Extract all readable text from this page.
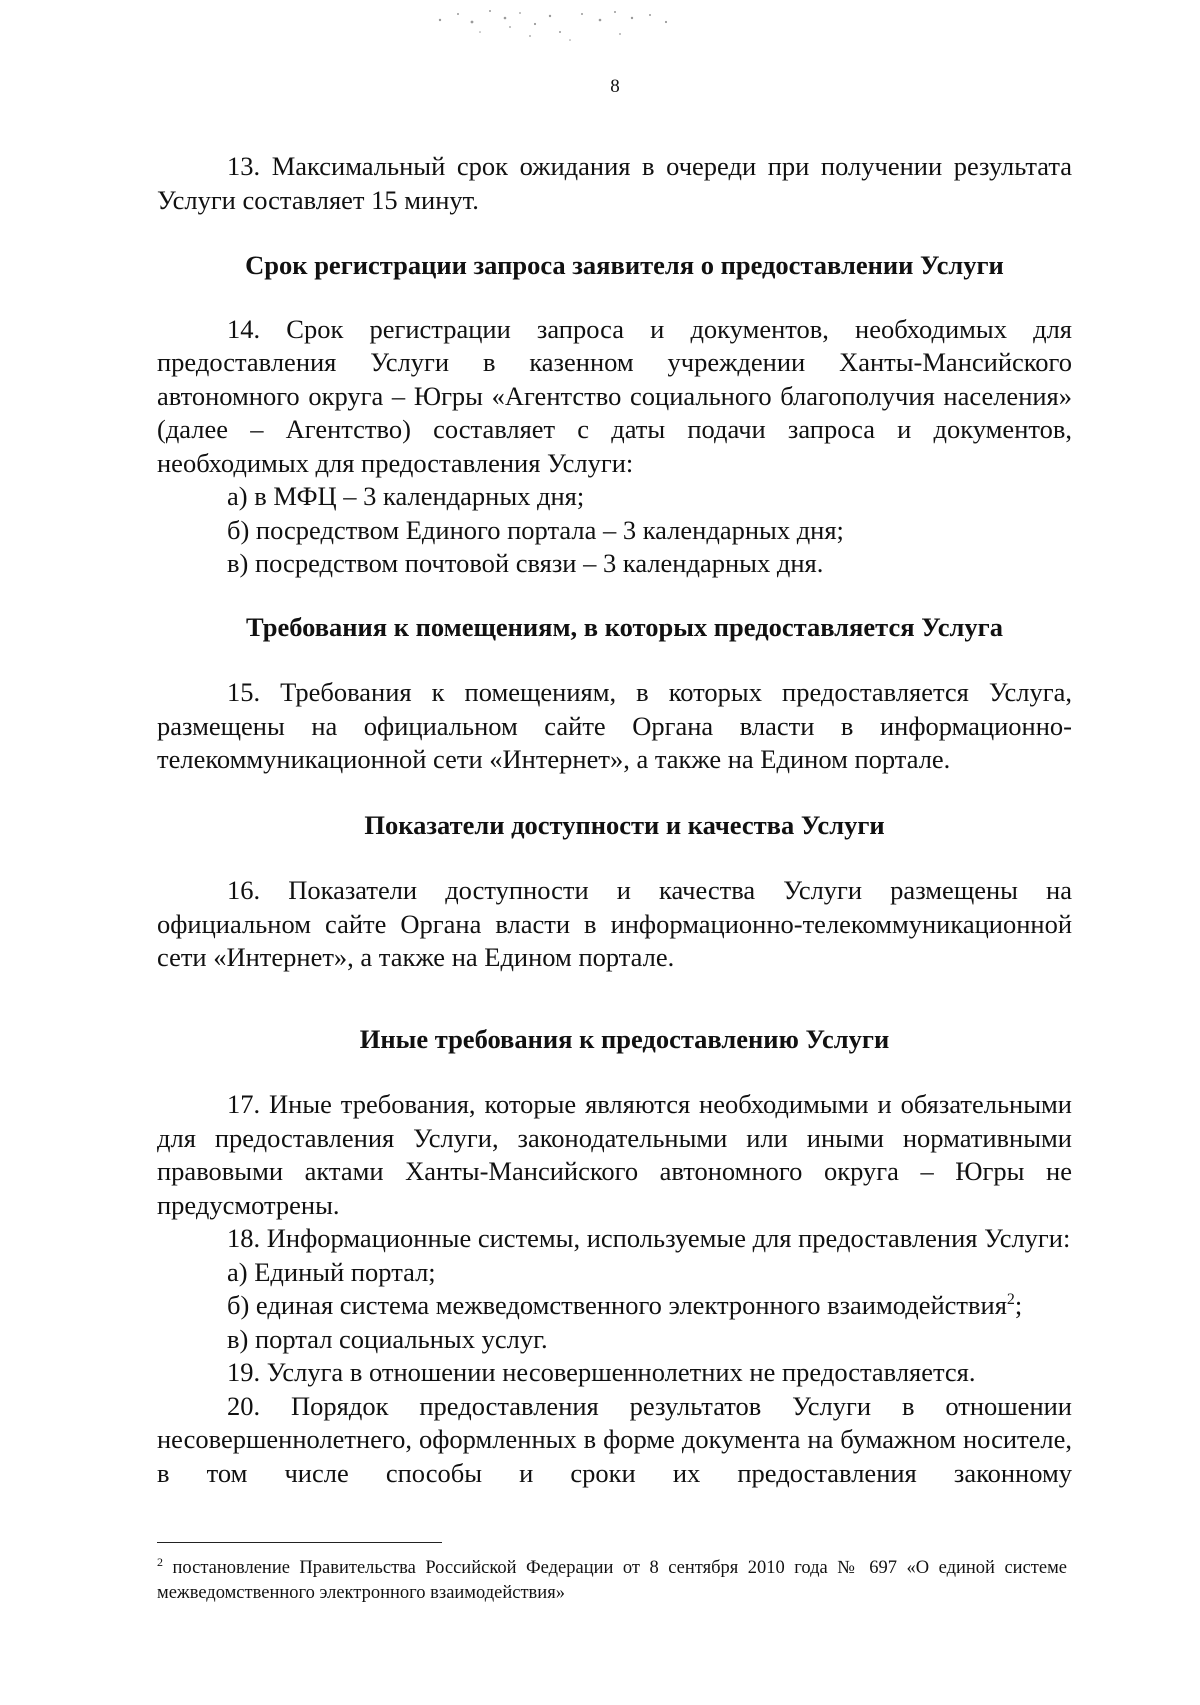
8
13. Максимальный срок ожидания в очереди при получении результата Услуги составляет 15 минут.
Срок регистрации запроса заявителя о предоставлении Услуги
14. Срок регистрации запроса и документов, необходимых для предоставления Услуги в казенном учреждении Ханты-Мансийского автономного округа – Югры «Агентство социального благополучия населения» (далее – Агентство) составляет с даты подачи запроса и документов, необходимых для предоставления Услуги:
а) в МФЦ – 3 календарных дня;
б) посредством Единого портала – 3 календарных дня;
в) посредством почтовой связи – 3 календарных дня.
Требования к помещениям, в которых предоставляется Услуга
15. Требования к помещениям, в которых предоставляется Услуга, размещены на официальном сайте Органа власти в информационно-телекоммуникационной сети «Интернет», а также на Едином портале.
Показатели доступности и качества Услуги
16. Показатели доступности и качества Услуги размещены на официальном сайте Органа власти в информационно-телекоммуникационной сети «Интернет», а также на Едином портале.
Иные требования к предоставлению Услуги
17. Иные требования, которые являются необходимыми и обязательными для предоставления Услуги, законодательными или иными нормативными правовыми актами Ханты-Мансийского автономного округа – Югры не предусмотрены.
18. Информационные системы, используемые для предоставления Услуги:
а) Единый портал;
б) единая система межведомственного электронного взаимодействия$^2$;
в) портал социальных услуг.
19. Услуга в отношении несовершеннолетних не предоставляется.
20. Порядок предоставления результатов Услуги в отношении несовершеннолетнего, оформленных в форме документа на бумажном носителе, в том числе способы и сроки их предоставления законному
$^2$ постановление Правительства Российской Федерации от 8 сентября 2010 года № 697 «О единой системе межведомственного электронного взаимодействия»
